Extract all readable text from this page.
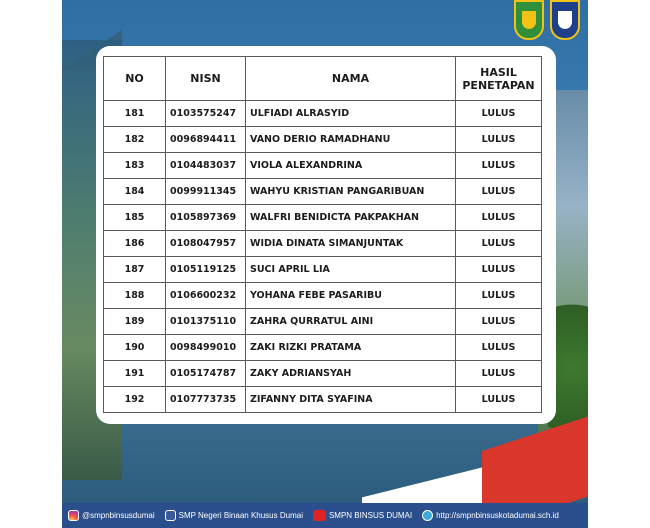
NO	NISN	NAMA	HASIL
PENETAPAN
181	0103575247	ULFIADI ALRASYID	LULUS
182	0096894411	VANO DERIO RAMADHANU	LULUS
183	0104483037	VIOLA ALEXANDRINA	LULUS
184	0099911345	WAHYU KRISTIAN PANGARIBUAN	LULUS
185	0105897369	WALFRI BENIDICTA PAKPAKHAN	LULUS
186	0108047957	WIDIA DINATA SIMANJUNTAK	LULUS
187	0105119125	SUCI APRIL LIA	LULUS
188	0106600232	YOHANA FEBE PASARIBU	LULUS
189	0101375110	ZAHRA QURRATUL AINI	LULUS
190	0098499010	ZAKI RIZKI PRATAMA	LULUS
191	0105174787	ZAKY ADRIANSYAH	LULUS
192	0107773735	ZIFANNY DITA SYAFINA	LULUS
@smpnbinsusdumai	SMP Negeri Binaan Khusus Dumai	SMPN BINSUS DUMAI	http://smpnbinsuskotadumai.sch.id
